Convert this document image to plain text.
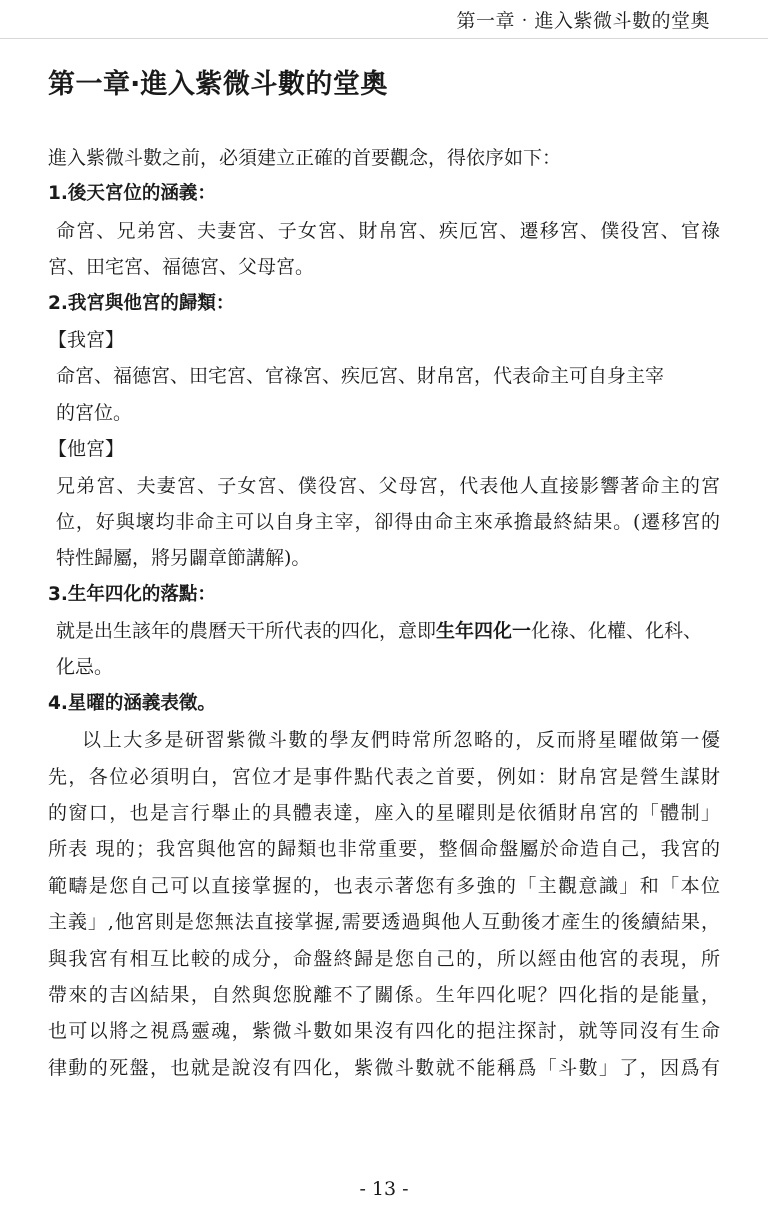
第一章‧進入紫微斗數的堂奧
第一章‧進入紫微斗數的堂奧
進入紫微斗數之前，必須建立正確的首要觀念，得依序如下：
1.後天宮位的涵義：
命宮、兄弟宮、夫妻宮、子女宮、財帛宮、疾厄宮、遷移宮、僕役宮、官祿
宮、田宅宮、福德宮、父母宮。
2.我宮與他宮的歸類：
【我宮】
命宮、福德宮、田宅宮、官祿宮、疾厄宮、財帛宮，代表命主可自身主宰
的宮位。
【他宮】
兄弟宮、夫妻宮、子女宮、僕役宮、父母宮，代表他人直接影響著命主的宮
位，好與壞均非命主可以自身主宰，卻得由命主來承擔最終結果。(遷移宮的
特性歸屬，將另闢章節講解)。
3.生年四化的落點：
就是出生該年的農曆天干所代表的四化，意即生年四化一化祿、化權、化科、
化忌。
4.星曜的涵義表徵。
以上大多是研習紫微斗數的學友們時常所忽略的，反而將星曜做第一優
先，各位必須明白，宮位才是事件點代表之首要，例如：財帛宮是營生謀財
的窗口，也是言行舉止的具體表達，座入的星曜則是依循財帛宮的「體制」
所表 現的；我宮與他宮的歸類也非常重要，整個命盤屬於命造自己，我宮的
範疇是您自己可以直接掌握的，也表示著您有多強的「主觀意識」和「本位
主義」,他宮則是您無法直接掌握,需要透過與他人互動後才產生的後續結果，
與我宮有相互比較的成分，命盤終歸是您自己的，所以經由他宮的表現，所
帶來的吉凶結果，自然與您脫離不了關係。生年四化呢？四化指的是能量，
也可以將之視爲靈魂，紫微斗數如果沒有四化的挹注探討，就等同沒有生命
律動的死盤，也就是說沒有四化，紫微斗數就不能稱爲「斗數」了，因爲有
- 13 -
